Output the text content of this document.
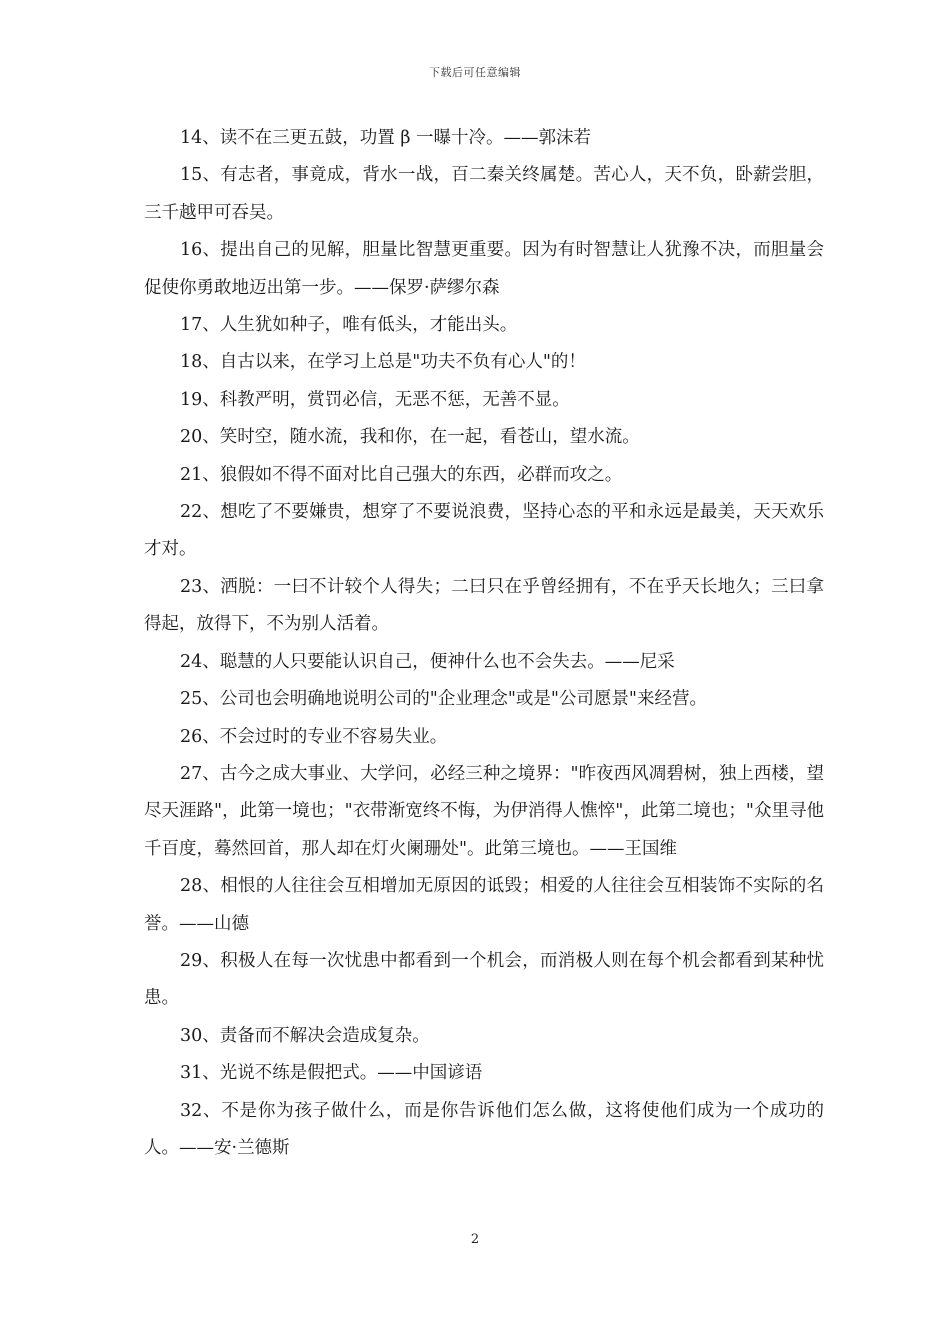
下载后可任意编辑

14、读不在三更五鼓，功置 β 一曝十冷。——郭沫若

15、有志者，事竟成，背水一战，百二秦关终属楚。苦心人，天不负，卧薪尝胆，三千越甲可吞吴。

16、提出自己的见解，胆量比智慧更重要。因为有时智慧让人犹豫不决，而胆量会促使你勇敢地迈出第一步。——保罗·萨缪尔森

17、人生犹如种子，唯有低头，才能出头。

18、自古以来，在学习上总是"功夫不负有心人"的！

19、科教严明，赏罚必信，无恶不惩，无善不显。

20、笑时空，随水流，我和你，在一起，看苍山，望水流。

21、狼假如不得不面对比自己强大的东西，必群而攻之。

22、想吃了不要嫌贵，想穿了不要说浪费，坚持心态的平和永远是最美，天天欢乐才对。

23、洒脱：一曰不计较个人得失；二曰只在乎曾经拥有，不在乎天长地久；三曰拿得起，放得下，不为别人活着。

24、聪慧的人只要能认识自己，便神什么也不会失去。——尼采

25、公司也会明确地说明公司的"企业理念"或是"公司愿景"来经营。

26、不会过时的专业不容易失业。

27、古今之成大事业、大学问，必经三种之境界："昨夜西风凋碧树，独上西楼，望尽天涯路"，此第一境也；"衣带渐宽终不悔，为伊消得人憔悴"，此第二境也；"众里寻他千百度，蓦然回首，那人却在灯火阑珊处"。此第三境也。——王国维

28、相恨的人往往会互相增加无原因的诋毁；相爱的人往往会互相装饰不实际的名誉。——山德

29、积极人在每一次忧患中都看到一个机会，而消极人则在每个机会都看到某种忧患。

30、责备而不解决会造成复杂。

31、光说不练是假把式。——中国谚语

32、不是你为孩子做什么，而是你告诉他们怎么做，这将使他们成为一个成功的人。——安·兰德斯

2
